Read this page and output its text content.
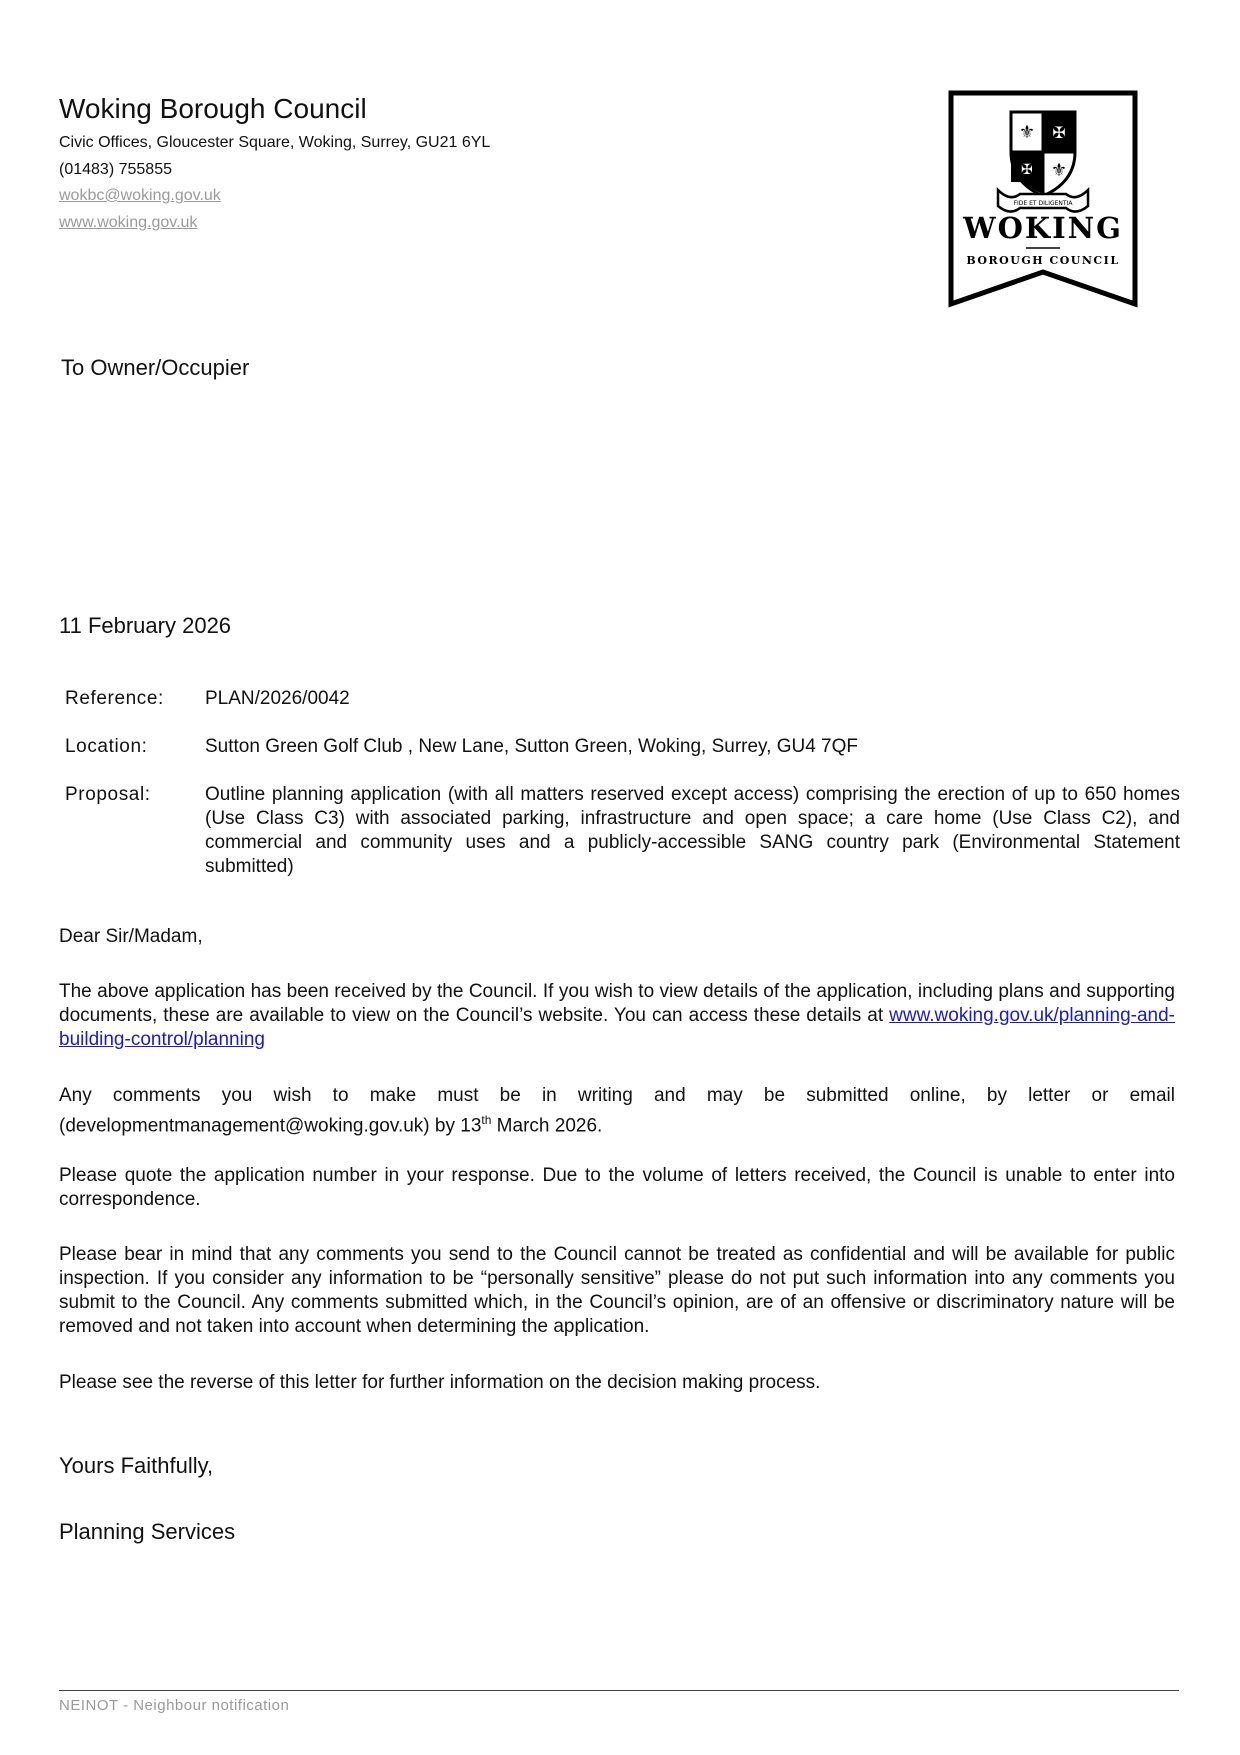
Woking Borough Council
Civic Offices, Gloucester Square, Woking, Surrey, GU21 6YL
(01483) 755855
wokbc@woking.gov.uk
www.woking.gov.uk
⚜ ✠
✠ ⚜
FIDE ET DILIGENTIA
WOKING
BOROUGH COUNCIL
To Owner/Occupier
11 February 2026
Reference:	PLAN/2026/0042
Location:	Sutton Green Golf Club , New Lane, Sutton Green, Woking, Surrey, GU4 7QF
Proposal:	Outline planning application (with all matters reserved except access) comprising the erection of up to 650 homes (Use Class C3) with associated parking, infrastructure and open space; a care home (Use Class C2), and commercial and community uses and a publicly-accessible SANG country park (Environmental Statement submitted)
Dear Sir/Madam,
The above application has been received by the Council. If you wish to view details of the application, including plans and supporting documents, these are available to view on the Council’s website. You can access these details at www.woking.gov.uk/planning-and-building-control/planning
Any comments you wish to make must be in writing and may be submitted online, by letter or email (developmentmanagement@woking.gov.uk) by 13th March 2026.
Please quote the application number in your response. Due to the volume of letters received, the Council is unable to enter into correspondence.
Please bear in mind that any comments you send to the Council cannot be treated as confidential and will be available for public inspection. If you consider any information to be “personally sensitive” please do not put such information into any comments you submit to the Council. Any comments submitted which, in the Council’s opinion, are of an offensive or discriminatory nature will be removed and not taken into account when determining the application.
Please see the reverse of this letter for further information on the decision making process.
Yours Faithfully,
Planning Services
NEINOT - Neighbour notification
